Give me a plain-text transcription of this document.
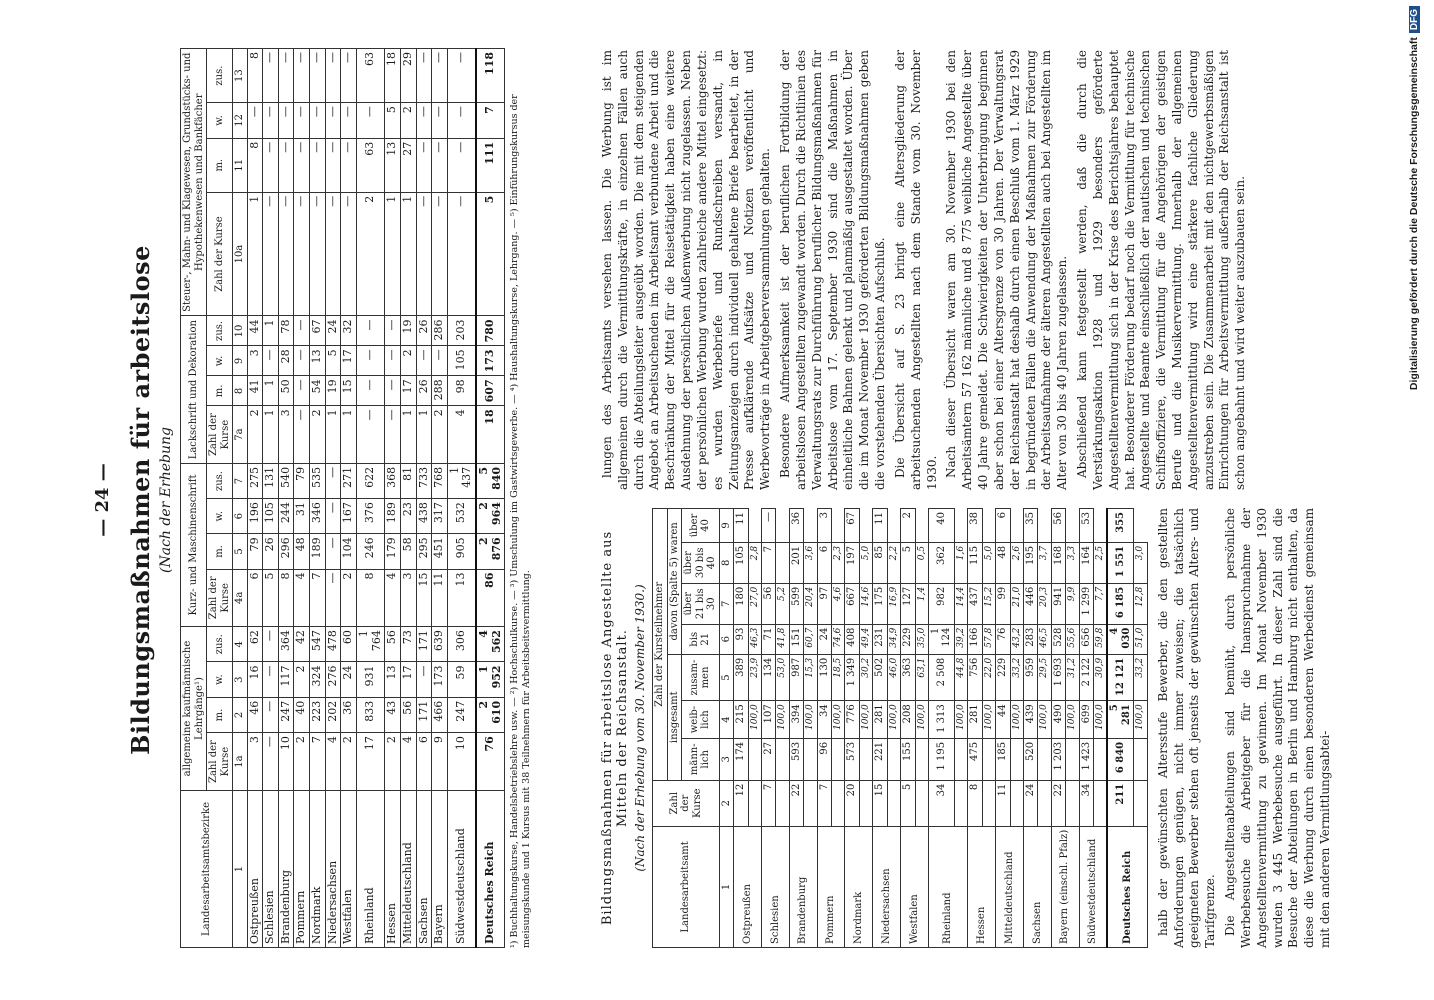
— 24 — Bildungsmaßnahmen für arbeitslose (Nach der Erhebung
Landesarbeitsamtsbezirke	allgemeine kaufmännische Lehrgänge¹)				Kurz- und Maschinenschrift				Lackschrift und Dekoration				Steuer-, Mahn- und Klagewesen, Grundstücks- und Hypothekenwesen und Bankfächer			
	Zahl der Kurse	m.	w.	zus.	Zahl der Kurse	m.	w.	zus.	Zahl der Kurse	m.	w.	zus.	Zahl der Kurse	m.	w.	zus.
1	1a	2	3	4	4a	5	6	7	7a	8	9	10	10a	11	12	13
Ostpreußen	3	46	16	62	6	79	196	275	2	41	3	44	1	8	—	8
Schlesien	—	—	—	—	5	26	105	131	1	1	—	1	—	—	—	—
Brandenburg	10	247	117	364	8	296	244	540	3	50	28	78	—	—	—	—
Pommern	2	40	2	42	4	48	31	79	—	—	—	—	—	—	—	—
Nordmark	7	223	324	547	7	189	346	535	2	54	13	67	—	—	—	—
Niedersachsen	4	202	276	478	—	—	—	—	1	19	5	24	—	—	—	—
Westfalen	2	36	24	60	2	104	167	271	1	15	17	32	—	—	—	—
Rheinland	17	833	931	1 764	8	246	376	622	—	—	—	—	2	63	—	63
Hessen	2	43	13	56	4	179	189	368	—	—	—	—	1	13	5	18
Mitteldeutschland	4	56	17	73	3	58	23	81	1	17	2	19	1	27	2	29
Sachsen	6	171	—	171	15	295	438	733	1	26	—	26	—	—	—	—
Bayern	9	466	173	639	11	451	317	768	2	288	—	286	—	—	—	—
Südwestdeutschland	10	247	59	306	13	905	532	1 437	4	98	105	203	—	—	—	—
Deutsches Reich	76	2 610	1 952	4 562	86	2 876	2 964	5 840	18	607	173	780	5	111	7	118
¹) Buchhaltungskurse, Handelsbetriebslehre usw. — ²) Hochschulkurse. — ³) Umschulung im Gastwirtsgewerbe. — ⁴) Haushaltungskurse, Lehrgang. — ⁵) Einführungskursus der meisungskunde und 1 Kursus mit 38 Teilnehmern für Arbeitsbeitsvermittlung.	Bildungsmaßnahmen für arbeitslose Angestellte aus Mitteln der Reichsanstalt. (Nach der Erhebung vom 30. November 1930.)
Landesarbeitsamt	Zahl der Kurse	Zahl der Kursteilnehmer						
		insgesamt			davon (Spalte 5) waren			
		männlich	weiblich	zusammen	bis 21	über 21 bis 30	über 30 bis 40	über 40
1	2	3	4	5	6	7	8	9
Ostpreußen	12	174	215	389	93	180	105	11
			100,0	23,9	46,3	27,0	2,8	
Schlesien	7	27	107	134	71	56	7	—
			100,0	53,0	41,8	5,2		
Brandenburg	22	593	394	987	151	599	201	36
			100,0	15,3	60,7	20,4	3,6	
Pommern	7	96	34	130	24	97	6	3
			100,0	18,5	74,6	4,6	2,3	
Nordmark	20	573	776	1 349	408	667	197	67
			100,0	30,2	49,4	14,6	5,0	
Niedersachsen	15	221	281	502	231	175	85	11
			100,0	46,0	34,9	16,9	2,2	
Westfalen	5	155	208	363	229	127	5	2
			100,0	63,1	35,0	1,4	0,5	
Rheinland	34	1 195	1 313	2 508	1 124	982	362	40
			100,0	44,8	39,2	14,4	1,6	
Hessen	8	475	281	756	166	437	115	38
			100,0	22,0	57,8	15,2	5,0	
Mitteldeutschland	11	185	44	229	76	99	48	6
			100,0	33,2	43,2	21,0	2,6	
Sachsen	24	520	439	959	283	446	195	35
			100,0	29,5	46,5	20,3	3,7	
Bayern (einschl. Pfalz)	22	1 203	490	1 693	528	941	168	56
			100,0	31,2	55,6	9,9	3,3	
Südwestdeutschland	34	1 423	699	2 122	656	1 299	164	53
			100,0	30,9	59,8	7,7	2,5	
Deutsches Reich	211	6 840	5 281	12 121	4 030	6 185	1 551	355
			100,0	33,2	51,0	12,8	3,0	halb der gewünschten Altersstufe Bewerber, die den gestellten Anforderungen genügen, nicht immer zuweisen; die tatsächlich geeigneten Bewerber stehen oft jenseits der gewünschten Alters- und Tarifgrenze. Die Angestelltenabteilungen sind bemüht, durch persönliche Werbebesuche die Arbeitgeber für die Inanspruchnahme der Angestelltenvermittlung zu gewinnen. Im Monat November 1930 wurden 3 445 Werbebesuche ausgeführt. In dieser Zahl sind die Besuche der Abteilungen in Berlin und Hamburg nicht enthalten, da diese die Werbung durch einen besonderen Werbedienst gemeinsam mit den anderen Vermittlungsabtei-

lungen des Arbeitsamts versehen lassen. Die Werbung ist im allgemeinen durch die Vermittlungskräfte, in einzelnen Fällen auch durch die Abteilungsleiter ausgeübt worden. Die mit dem steigenden Angebot an Arbeitsuchenden im Arbeitsamt verbundene Arbeit und die Beschränkung der Mittel für die Reisetätigkeit haben eine weitere Ausdehnung der persönlichen Außenwerbung nicht zugelassen. Neben der persönlichen Werbung wurden zahlreiche andere Mittel eingesetzt: es wurden Werbebriefe und Rundschreiben versandt, in Zeitungsanzeigen durch individuell gehaltene Briefe bearbeitet, in der Presse aufklärende Aufsätze und Notizen veröffentlicht und Werbevorträge in Arbeitgeberversammlungen gehalten. Besondere Aufmerksamkeit ist der beruflichen Fortbildung der arbeitslosen Angestellten zugewandt worden. Durch die Richtlinien des Verwaltungsrats zur Durchführung beruflicher Bildungsmaßnahmen für Arbeitslose vom 17. September 1930 sind die Maßnahmen in einheitliche Bahnen gelenkt und planmäßig ausgestaltet worden. Über die im Monat November 1930 geförderten Bildungsmaßnahmen geben die vorstehenden Übersichten Aufschluß. Die Übersicht auf S. 23 bringt eine Altersgliederung der arbeitsuchenden Angestellten nach dem Stande vom 30. November 1930. Nach dieser Übersicht waren am 30. November 1930 bei den Arbeitsämtern 57 162 männliche und 8 775 weibliche Angestellte über 40 Jahre gemeldet. Die Schwierigkeiten der Unterbringung beginnen aber schon bei einer Altersgrenze von 30 Jahren. Der Verwaltungsrat der Reichsanstalt hat deshalb durch einen Beschluß vom 1. März 1929 in begründeten Fällen die Anwendung der Maßnahmen zur Förderung der Arbeitsaufnahme der älteren Angestellten auch bei Angestellten im Alter von 30 bis 40 Jahren zugelassen. Abschließend kann festgestellt werden, daß die durch die Verstärkungsaktion 1928 und 1929 besonders geförderte Angestelltenvermittlung sich in der Krise des Berichtsjahres behauptet hat. Besonderer Förderung bedarf noch die Vermittlung für technische Angestellte und Beamte einschließlich der nautischen und technischen Schiffsoffiziere, die Vermittlung für die Angehörigen der geistigen Berufe und die Musikervermittlung. Innerhalb der allgemeinen Angestelltenvermittlung wird eine stärkere fachliche Gliederung anzustreben sein. Die Zusammenarbeit mit den nichtgewerbsmäßigen Einrichtungen für Arbeitsvermittlung außerhalb der Reichsanstalt ist schon angebahnt und wird weiter auszubauen sein.	Digitalisierung gefördert durch die Deutsche ForschungsgemeinschaftDFG
